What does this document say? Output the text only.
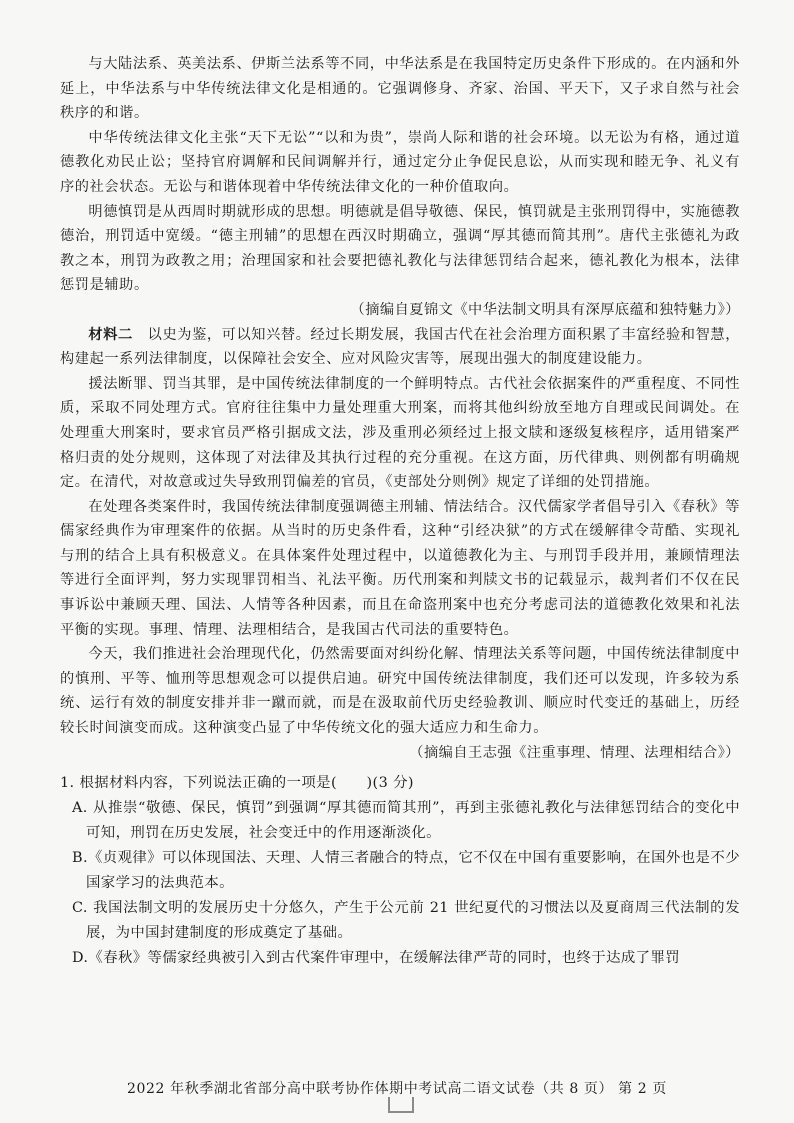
与大陆法系、英美法系、伊斯兰法系等不同，中华法系是在我国特定历史条件下形成的。在内涵和外延上，中华法系与中华传统法律文化是相通的。它强调修身、齐家、治国、平天下，又子求自然与社会秩序的和谐。

中华传统法律文化主张“天下无讼”“以和为贵”，崇尚人际和谐的社会环境。以无讼为有格，通过道德教化劝民止讼；坚持官府调解和民间调解并行，通过定分止争促民息讼，从而实现和睦无争、礼义有序的社会状态。无讼与和谐体现着中华传统法律文化的一种价值取向。

明德慎罚是从西周时期就形成的思想。明德就是倡导敬德、保民，慎罚就是主张刑罚得中，实施德教德治，刑罚适中宽缓。“德主刑辅”的思想在西汉时期确立，强调“厚其德而简其刑”。唐代主张德礼为政教之本，刑罚为政教之用；治理国家和社会要把德礼教化与法律惩罚结合起来，德礼教化为根本，法律惩罚是辅助。

（摘编自夏锦文《中华法制文明具有深厚底蕴和独特魅力》）

材料二　 以史为鉴，可以知兴替。经过长期发展，我国古代在社会治理方面积累了丰富经验和智慧，构建起一系列法律制度，以保障社会安全、应对风险灾害等，展现出强大的制度建设能力。

援法断罪、罚当其罪，是中国传统法律制度的一个鲜明特点。古代社会依据案件的严重程度、不同性质，采取不同处理方式。官府往往集中力量处理重大刑案，而将其他纠纷放至地方自理或民间调处。在处理重大刑案时，要求官员严格引据成文法，涉及重刑必须经过上报文牍和逐级复核程序，适用错案严格归责的处分规则，这体现了对法律及其执行过程的充分重视。在这方面，历代律典、则例都有明确规定。在清代，对故意或过失导致刑罚偏差的官员，《吏部处分则例》规定了详细的处罚措施。

在处理各类案件时，我国传统法律制度强调德主刑辅、情法结合。汉代儒家学者倡导引入《春秋》等儒家经典作为审理案件的依据。从当时的历史条件看，这种“引经决狱”的方式在缓解律令苛酷、实现礼与刑的结合上具有积极意义。在具体案件处理过程中，以道德教化为主、与刑罚手段并用，兼顾情理法等进行全面评判，努力实现罪罚相当、礼法平衡。历代刑案和判牍文书的记载显示，裁判者们不仅在民事诉讼中兼顾天理、国法、人情等各种因素，而且在命盗刑案中也充分考虑司法的道德教化效果和礼法平衡的实现。事理、情理、法理相结合，是我国古代司法的重要特色。

今天，我们推进社会治理现代化，仍然需要面对纠纷化解、情理法关系等问题，中国传统法律制度中的慎刑、平等、恤刑等思想观念可以提供启迪。研究中国传统法律制度，我们还可以发现，许多较为系统、运行有效的制度安排并非一蹴而就，而是在汲取前代历史经验教训、顺应时代变迁的基础上，历经较长时间演变而成。这种演变凸显了中华传统文化的强大适应力和生命力。

（摘编自王志强《注重事理、情理、法理相结合》）

1. 根据材料内容，下列说法正确的一项是(　　)(3 分)

A. 从推崇“敬德、保民，慎罚”到强调“厚其德而简其刑”，再到主张德礼教化与法律惩罚结合的变化中可知，刑罚在历史发展，社会变迁中的作用逐渐淡化。

B.《贞观律》可以体现国法、天理、人情三者融合的特点，它不仅在中国有重要影响，在国外也是不少国家学习的法典范本。

C. 我国法制文明的发展历史十分悠久，产生于公元前 21 世纪夏代的习惯法以及夏商周三代法制的发展，为中国封建制度的形成奠定了基础。

D.《春秋》等儒家经典被引入到古代案件审理中，在缓解法律严苛的同时，也终于达成了罪罚

2022 年秋季湖北省部分高中联考协作体期中考试高二语文试卷（共 8 页） 第 2 页
